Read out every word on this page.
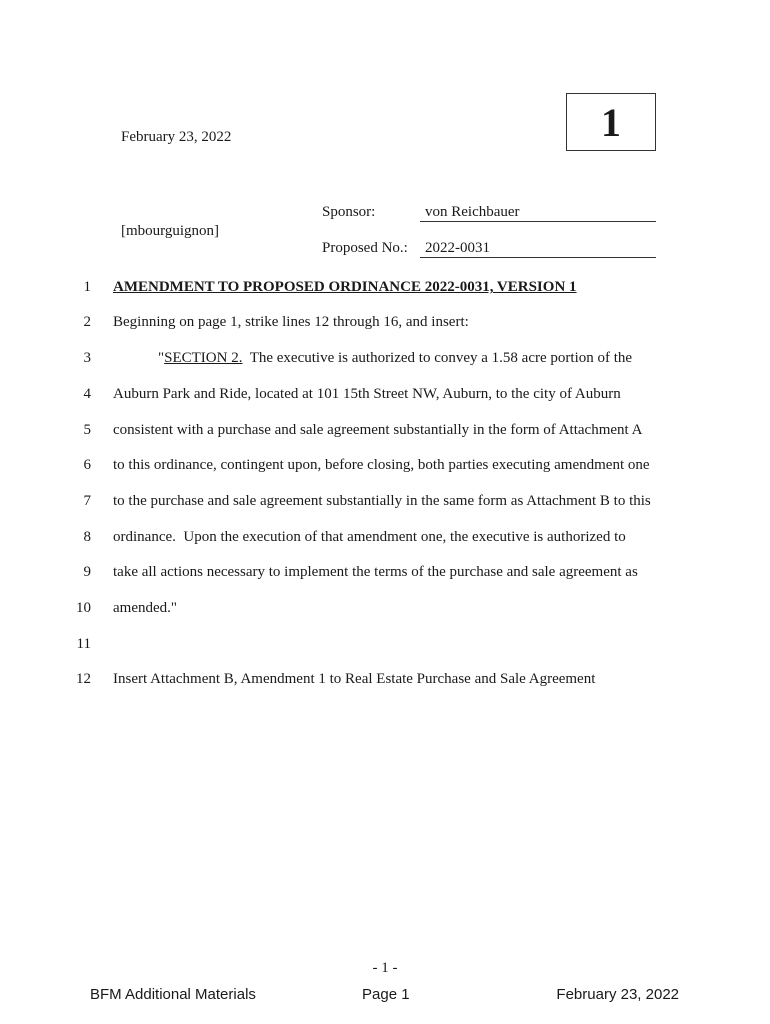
1
February 23, 2022
[mbourguignon]
Sponsor:	von Reichbauer
Proposed No.:	2022-0031
1 AMENDMENT TO PROPOSED ORDINANCE 2022-0031, VERSION 1
2 Beginning on page 1, strike lines 12 through 16, and insert:
3	"SECTION 2.  The executive is authorized to convey a 1.58 acre portion of the
4 Auburn Park and Ride, located at 101 15th Street NW, Auburn, to the city of Auburn
5 consistent with a purchase and sale agreement substantially in the form of Attachment A
6 to this ordinance, contingent upon, before closing, both parties executing amendment one
7 to the purchase and sale agreement substantially in the same form as Attachment B to this
8 ordinance.  Upon the execution of that amendment one, the executive is authorized to
9 take all actions necessary to implement the terms of the purchase and sale agreement as
10 amended."
11
12 Insert Attachment B, Amendment 1 to Real Estate Purchase and Sale Agreement
- 1 -
BFM Additional Materials	Page 1	February 23, 2022
